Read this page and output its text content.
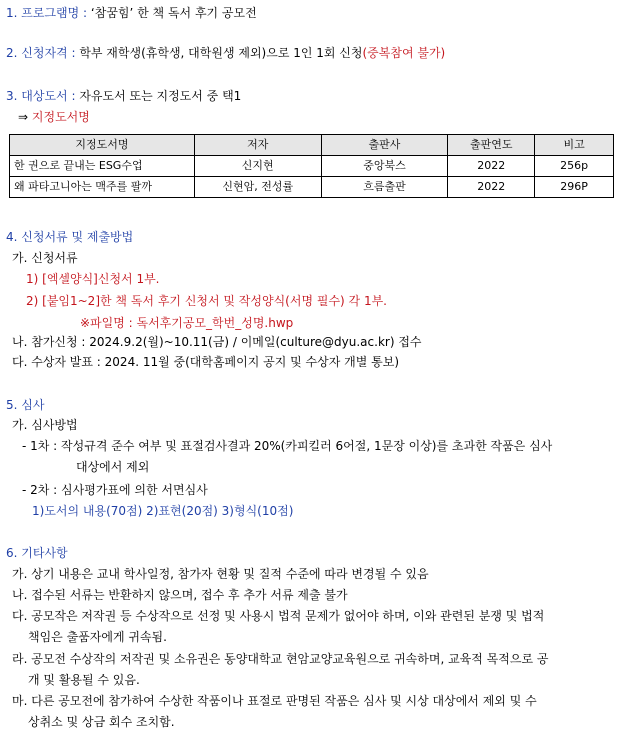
1. 프로그램명 : ‘참꿈힘’ 한 책 독서 후기 공모전
2. 신청자격 : 학부 재학생(휴학생, 대학원생 제외)으로 1인 1회 신청(중복참여 불가)
3. 대상도서 : 자유도서 또는 지정도서 중 택1
⇒ 지정도서명
지정도서명	저자	출판사	출판연도	비고
한 권으로 끝내는 ESG수업	신지현	중앙북스	2022	256p
왜 파타고니아는 맥주를 팔까	신현암, 전성률	흐름출판	2022	296P
4. 신청서류 및 제출방법
가. 신청서류
1) [엑셀양식]신청서 1부.
2) [붙임1~2]한 책 독서 후기 신청서 및 작성양식(서명 필수) 각 1부.
※파일명 : 독서후기공모_학번_성명.hwp
나. 참가신청 : 2024.9.2(월)~10.11(금) / 이메일(culture@dyu.ac.kr) 접수
다. 수상자 발표 : 2024. 11월 중(대학홈페이지 공지 및 수상자 개별 통보)
5. 심사
가. 심사방법
- 1차 : 작성규격 준수 여부 및 표절검사결과 20%(카피킬러 6어절, 1문장 이상)를 초과한 작품은 심사
대상에서 제외
- 2차 : 심사평가표에 의한 서면심사
1)도서의 내용(70점) 2)표현(20점) 3)형식(10점)
6. 기타사항
가. 상기 내용은 교내 학사일정, 참가자 현황 및 질적 수준에 따라 변경될 수 있음
나. 접수된 서류는 반환하지 않으며, 접수 후 추가 서류 제출 불가
다. 공모작은 저작권 등 수상작으로 선정 및 사용시 법적 문제가 없어야 하며, 이와 관련된 분쟁 및 법적
책임은 출품자에게 귀속됨.
라. 공모전 수상작의 저작권 및 소유권은 동양대학교 현암교양교육원으로 귀속하며, 교육적 목적으로 공
개 및 활용될 수 있음.
마. 다른 공모전에 참가하여 수상한 작품이나 표절로 판명된 작품은 심사 및 시상 대상에서 제외 및 수
상취소 및 상금 회수 조치함.
